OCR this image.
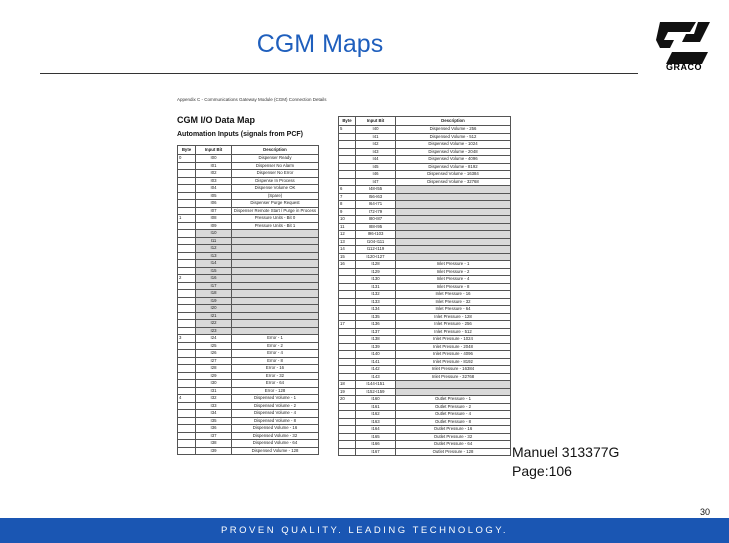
CGM Maps
GRACO
Appendix C - Communications Gateway Module (CGM) Connection Details
CGM I/O Data Map
Automation Inputs (signals from PCF)
Byte	Input Bit	Description
0	I00	Dispenser Ready
	I01	Dispenser No Alarm
	I02	Dispenser No Error
	I03	Dispense In Process
	I04	Dispense Volume OK
	I05	(Spare)
	I06	Dispenser Purge Request
	I07	Dispenser Remote Start / Purge in Process
1	I08	Pressure Units - Bit 0
	I09	Pressure Units - Bit 1
	I10	
	I11	
	I12	
	I13	
	I14	
	I15	
2	I16	
	I17	
	I18	
	I19	
	I20	
	I21	
	I22	
	I23	
3	I24	Error - 1
	I25	Error - 2
	I26	Error - 4
	I27	Error - 8
	I28	Error - 16
	I29	Error - 32
	I30	Error - 64
	I31	Error - 128
4	I32	Dispensed Volume - 1
	I33	Dispensed Volume - 2
	I34	Dispensed Volume - 4
	I35	Dispensed Volume - 8
	I36	Dispensed Volume - 16
	I37	Dispensed Volume - 32
	I38	Dispensed Volume - 64
	I39	Dispensed Volume - 128
Byte	Input Bit	Description
5	I40	Dispensed Volume - 256
	I41	Dispensed Volume - 512
	I42	Dispensed Volume - 1024
	I43	Dispensed Volume - 2048
	I44	Dispensed Volume - 4096
	I45	Dispensed Volume - 8192
	I46	Dispensed Volume - 16384
	I47	Dispensed Volume - 32768
6	I48-I55	
7	I56-I63	
8	I64-I71	
9	I72-I79	
10	I80-I87	
11	I88-I95	
12	I96-I103	
13	I104-I111	
14	I112-I119	
15	I120-I127	
16	I128	Inlet Pressure - 1
	I129	Inlet Pressure - 2
	I130	Inlet Pressure - 4
	I131	Inlet Pressure - 8
	I132	Inlet Pressure - 16
	I133	Inlet Pressure - 32
	I134	Inlet Pressure - 64
	I135	Inlet Pressure - 128
17	I136	Inlet Pressure - 256
	I137	Inlet Pressure - 512
	I138	Inlet Pressure - 1024
	I139	Inlet Pressure - 2048
	I140	Inlet Pressure - 4096
	I141	Inlet Pressure - 8192
	I142	Inlet Pressure - 16384
	I143	Inlet Pressure - 32768
18	I144-I151	
19	I152-I159	
20	I160	Outlet Pressure - 1
	I161	Outlet Pressure - 2
	I162	Outlet Pressure - 4
	I163	Outlet Pressure - 8
	I164	Outlet Pressure - 16
	I165	Outlet Pressure - 32
	I166	Outlet Pressure - 64
	I167	Outlet Pressure - 128	Manuel 313377G
Page:106
30
PROVEN QUALITY. LEADING TECHNOLOGY.
